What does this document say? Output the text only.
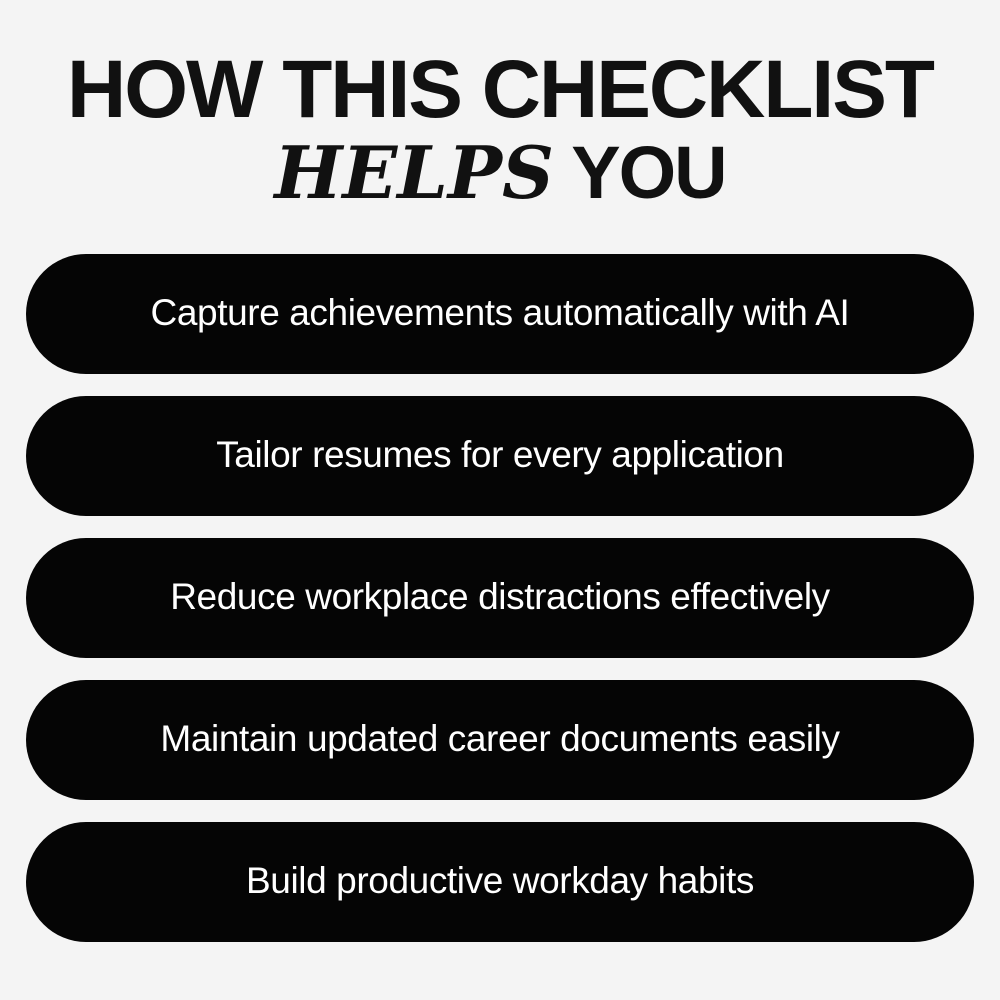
HOW THIS CHECKLIST
HELPS YOU
Capture achievements automatically with AI
Tailor resumes for every application
Reduce workplace distractions effectively
Maintain updated career documents easily
Build productive workday habits
